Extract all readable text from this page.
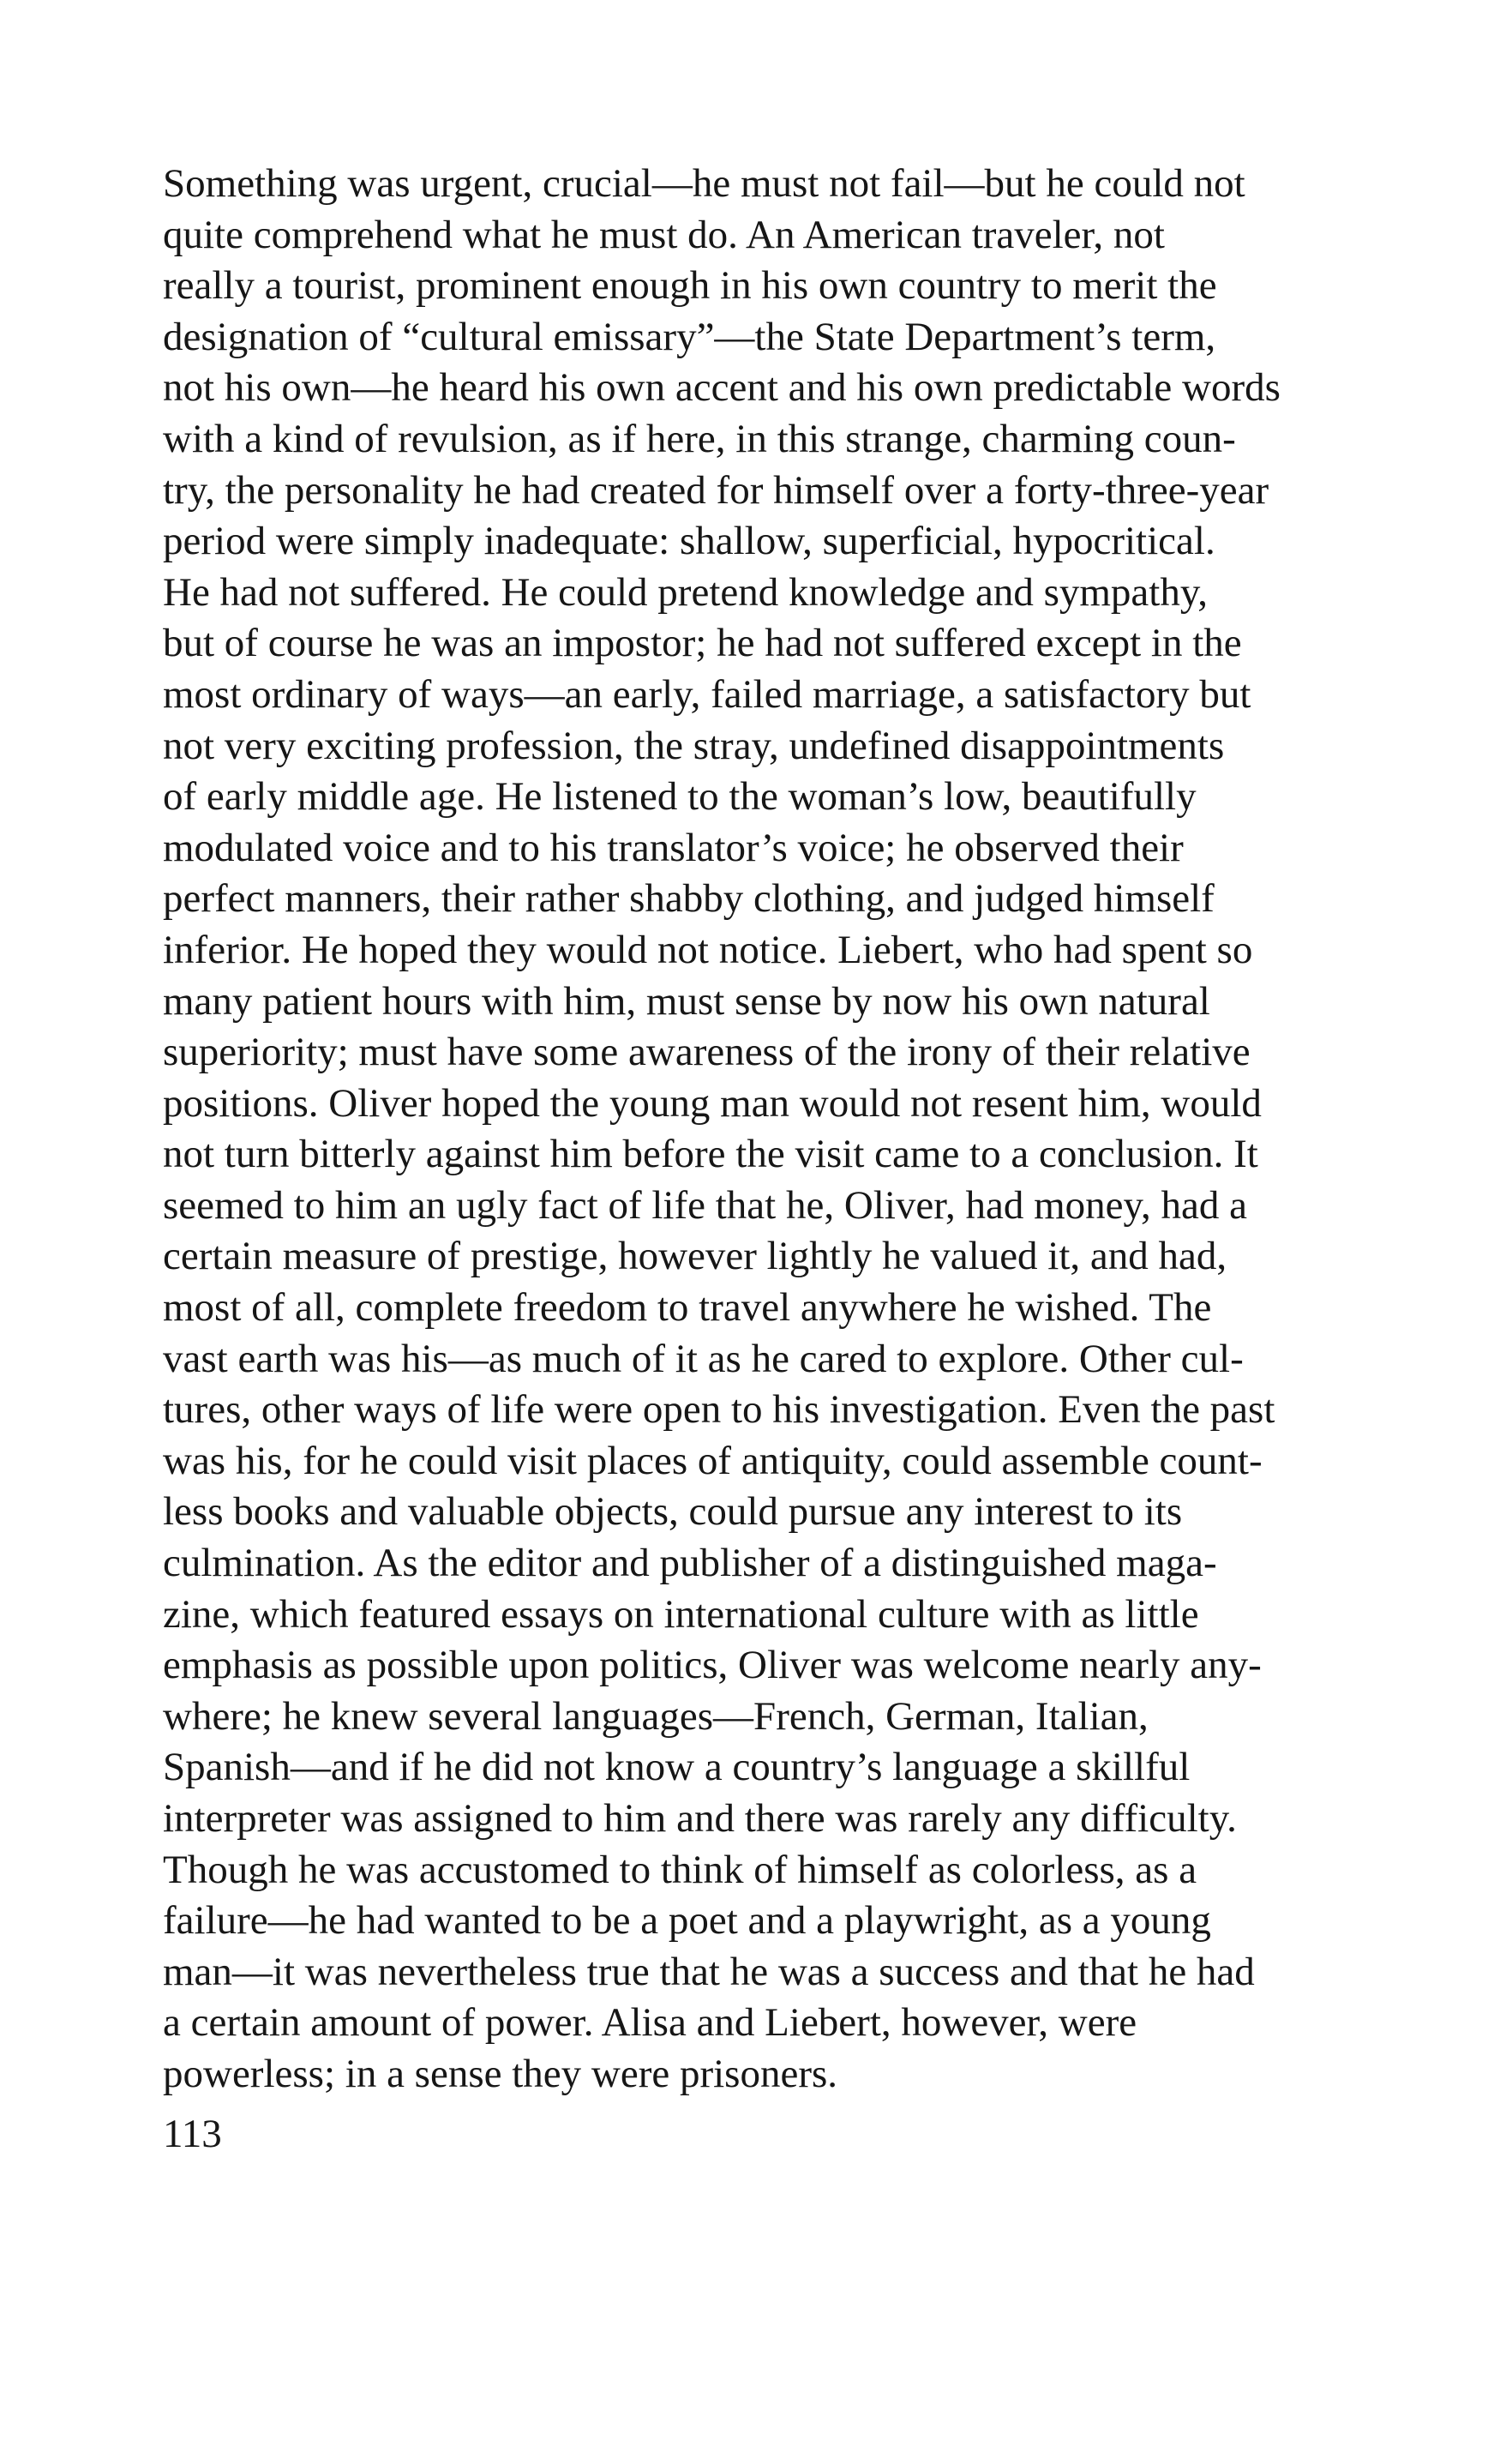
Something was urgent, crucial—he must not fail—but he could not
quite comprehend what he must do. An American traveler, not
really a tourist, prominent enough in his own country to merit the
designation of “cultural emissary”—the State Department’s term,
not his own—he heard his own accent and his own predictable words
with a kind of revulsion, as if here, in this strange, charming coun-
try, the personality he had created for himself over a forty-three-year
period were simply inadequate: shallow, superficial, hypocritical.
He had not suffered. He could pretend knowledge and sympathy,
but of course he was an impostor; he had not suffered except in the
most ordinary of ways—an early, failed marriage, a satisfactory but
not very exciting profession, the stray, undefined disappointments
of early middle age. He listened to the woman’s low, beautifully
modulated voice and to his translator’s voice; he observed their
perfect manners, their rather shabby clothing, and judged himself
inferior. He hoped they would not notice. Liebert, who had spent so
many patient hours with him, must sense by now his own natural
superiority; must have some awareness of the irony of their relative
positions. Oliver hoped the young man would not resent him, would
not turn bitterly against him before the visit came to a conclusion. It
seemed to him an ugly fact of life that he, Oliver, had money, had a
certain measure of prestige, however lightly he valued it, and had,
most of all, complete freedom to travel anywhere he wished. The
vast earth was his—as much of it as he cared to explore. Other cul-
tures, other ways of life were open to his investigation. Even the past
was his, for he could visit places of antiquity, could assemble count-
less books and valuable objects, could pursue any interest to its
culmination. As the editor and publisher of a distinguished maga-
zine, which featured essays on international culture with as little
emphasis as possible upon politics, Oliver was welcome nearly any-
where; he knew several languages—French, German, Italian,
Spanish—and if he did not know a country’s language a skillful
interpreter was assigned to him and there was rarely any difficulty.
Though he was accustomed to think of himself as colorless, as a
failure—he had wanted to be a poet and a playwright, as a young
man—it was nevertheless true that he was a success and that he had
a certain amount of power. Alisa and Liebert, however, were
powerless; in a sense they were prisoners.
113
